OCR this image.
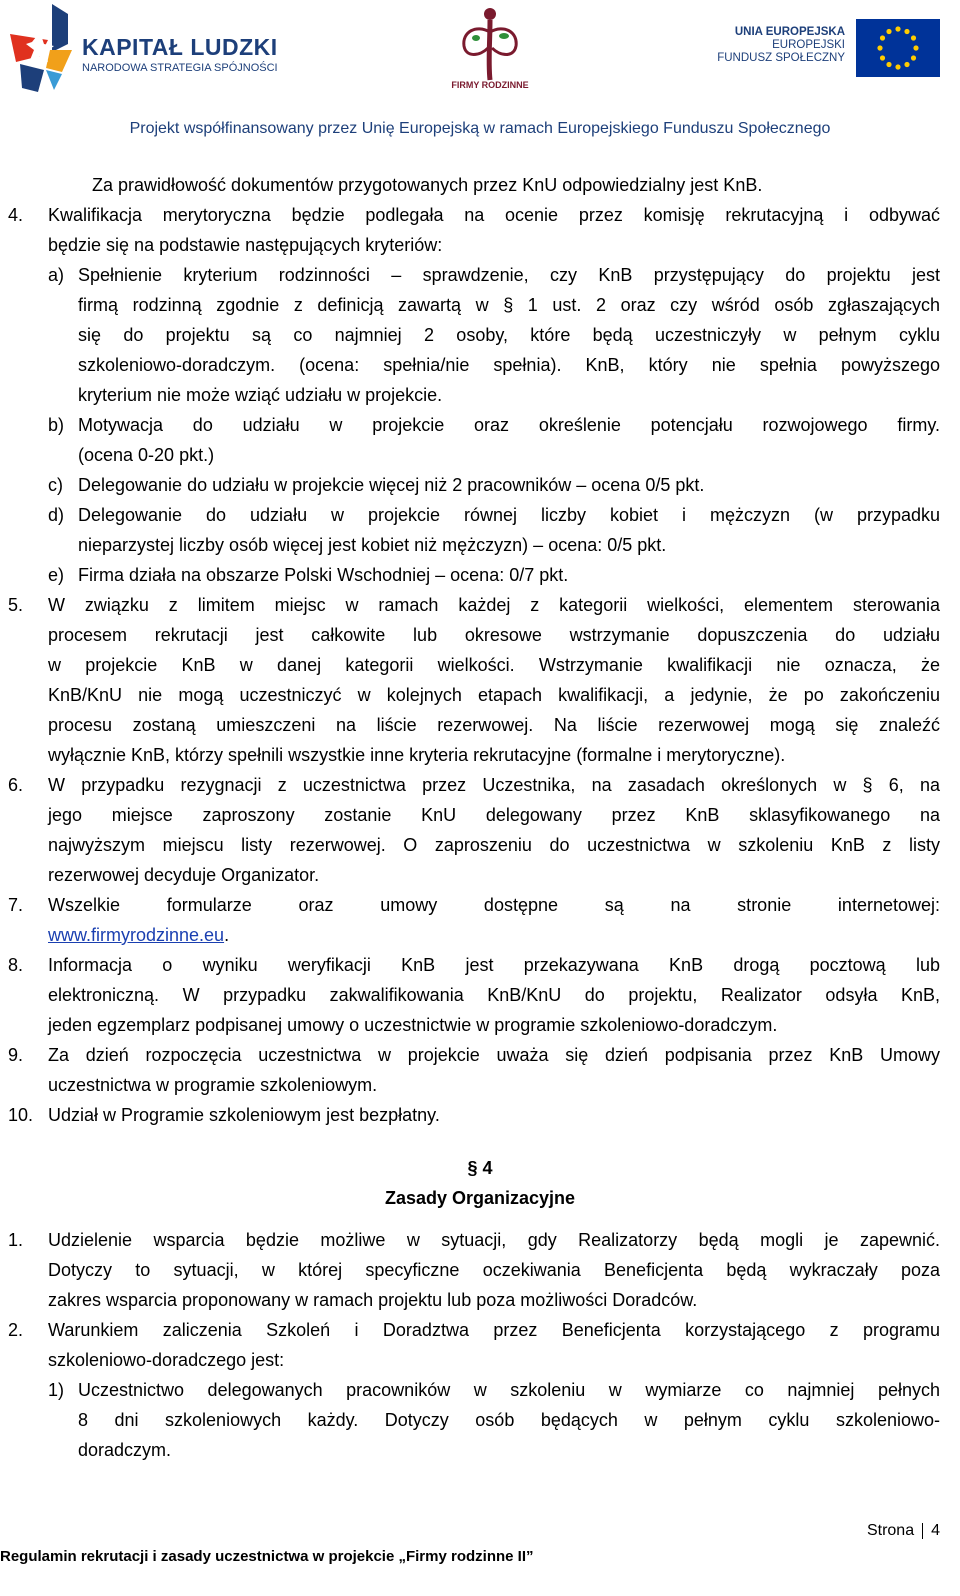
KAPITAŁ LUDZKI
NARODOWA STRATEGIA SPÓJNOŚCI
FIRMY RODZINNE
UNIA EUROPEJSKA
EUROPEJSKI
FUNDUSZ SPOŁECZNY
Projekt współfinansowany przez Unię Europejską w ramach Europejskiego Funduszu Społecznego
Za prawidłowość dokumentów przygotowanych przez KnU odpowiedzialny jest KnB.
4. Kwalifikacja merytoryczna będzie podlegała na ocenie przez komisję rekrutacyjną i odbywać
będzie się na podstawie następujących kryteriów:
a) Spełnienie kryterium rodzinności – sprawdzenie, czy KnB przystępujący do projektu jest
firmą rodzinną zgodnie z definicją zawartą w § 1 ust. 2 oraz czy wśród osób zgłaszających
się do projektu są co najmniej 2 osoby, które będą uczestniczyły w pełnym cyklu
szkoleniowo-doradczym. (ocena: spełnia/nie spełnia). KnB, który nie spełnia powyższego
kryterium nie może wziąć udziału w projekcie.
b) Motywacja do udziału w projekcie oraz określenie potencjału rozwojowego firmy.
(ocena 0-20 pkt.)
c) Delegowanie do udziału w projekcie więcej niż 2 pracowników – ocena 0/5 pkt.
d) Delegowanie do udziału w projekcie równej liczby kobiet i mężczyzn (w przypadku
nieparzystej liczby osób więcej jest kobiet niż mężczyzn) – ocena: 0/5 pkt.
e) Firma działa na obszarze Polski Wschodniej – ocena: 0/7 pkt.
5. W związku z limitem miejsc w ramach każdej z kategorii wielkości, elementem sterowania
procesem rekrutacji jest całkowite lub okresowe wstrzymanie dopuszczenia do udziału
w projekcie KnB w danej kategorii wielkości. Wstrzymanie kwalifikacji nie oznacza, że
KnB/KnU nie mogą uczestniczyć w kolejnych etapach kwalifikacji, a jedynie, że po zakończeniu
procesu zostaną umieszczeni na liście rezerwowej. Na liście rezerwowej mogą się znaleźć
wyłącznie KnB, którzy spełnili wszystkie inne kryteria rekrutacyjne (formalne i merytoryczne).
6. W przypadku rezygnacji z uczestnictwa przez Uczestnika, na zasadach określonych w § 6, na
jego miejsce zaproszony zostanie KnU delegowany przez KnB sklasyfikowanego na
najwyższym miejscu listy rezerwowej. O zaproszeniu do uczestnictwa w szkoleniu KnB z listy
rezerwowej decyduje Organizator.
7. Wszelkie formularze oraz umowy dostępne są na stronie internetowej:
www.firmyrodzinne.eu.
8. Informacja o wyniku weryfikacji KnB jest przekazywana KnB drogą pocztową lub
elektroniczną. W przypadku zakwalifikowania KnB/KnU do projektu, Realizator odsyła KnB,
jeden egzemplarz podpisanej umowy o uczestnictwie w programie szkoleniowo-doradczym.
9. Za dzień rozpoczęcia uczestnictwa w projekcie uważa się dzień podpisania przez KnB Umowy
uczestnictwa w programie szkoleniowym.
10. Udział w Programie szkoleniowym jest bezpłatny.
§ 4
Zasady Organizacyjne
1. Udzielenie wsparcia będzie możliwe w sytuacji, gdy Realizatorzy będą mogli je zapewnić.
Dotyczy to sytuacji, w której specyficzne oczekiwania Beneficjenta będą wykraczały poza
zakres wsparcia proponowany w ramach projektu lub poza możliwości Doradców.
2. Warunkiem zaliczenia Szkoleń i Doradztwa przez Beneficjenta korzystającego z programu
szkoleniowo-doradczego jest:
1) Uczestnictwo delegowanych pracowników w szkoleniu w wymiarze co najmniej pełnych
8 dni szkoleniowych każdy. Dotyczy osób będących w pełnym cyklu szkoleniowo-
doradczym.
Strona 4
Regulamin rekrutacji i zasady uczestnictwa w projekcie „Firmy rodzinne II”
